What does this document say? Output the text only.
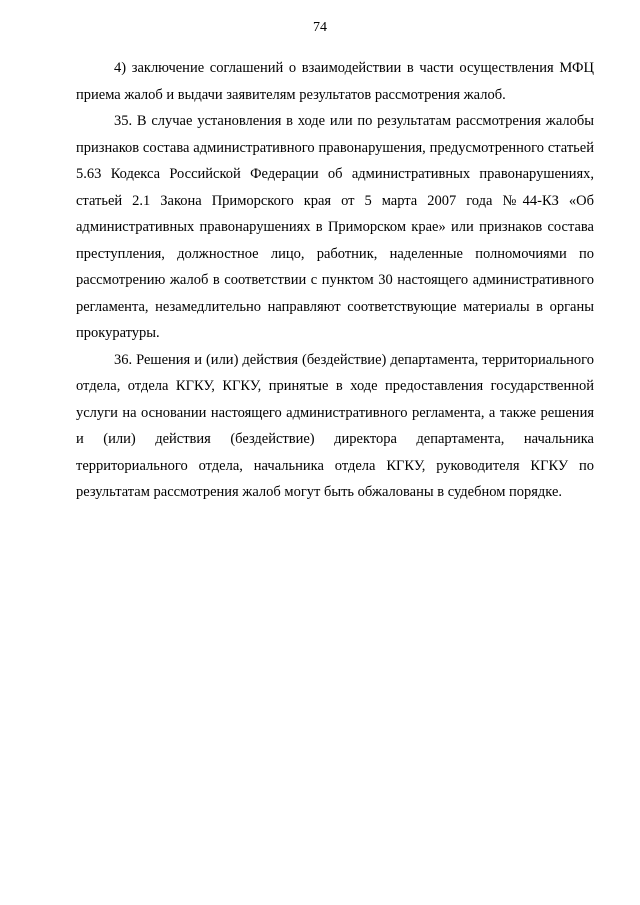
74

4) заключение соглашений о взаимодействии в части осуществления МФЦ приема жалоб и выдачи заявителям результатов рассмотрения жалоб.

35. В случае установления в ходе или по результатам рассмотрения жалобы признаков состава административного правонарушения, предусмотренного статьей 5.63 Кодекса Российской Федерации об административных правонарушениях, статьей 2.1 Закона Приморского края от 5 марта 2007 года №44-КЗ «Об административных правонарушениях в Приморском крае» или признаков состава преступления, должностное лицо, работник, наделенные полномочиями по рассмотрению жалоб в соответствии с пунктом 30 настоящего административного регламента, незамедлительно направляют соответствующие материалы в органы прокуратуры.

36. Решения и (или) действия (бездействие) департамента, территориального отдела, отдела КГКУ, КГКУ, принятые в ходе предоставления государственной услуги на основании настоящего административного регламента, а также решения и (или) действия (бездействие) директора департамента, начальника территориального отдела, начальника отдела КГКУ, руководителя КГКУ по результатам рассмотрения жалоб могут быть обжалованы в судебном порядке.
